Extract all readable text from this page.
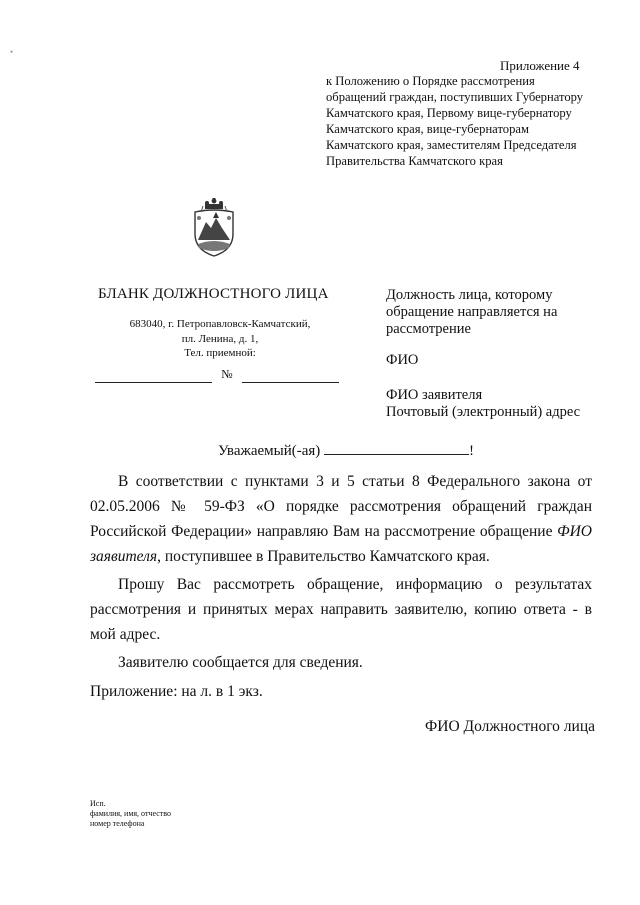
•
Приложение 4
к Положению о Порядке рассмотрения
обращений граждан, поступивших Губернатору
Камчатского края, Первому вице-губернатору
Камчатского края, вице-губернаторам
Камчатского края, заместителям Председателя
Правительства Камчатского края
БЛАНК ДОЛЖНОСТНОГО ЛИЦА
683040, г. Петропавловск-Камчатский,
пл. Ленина, д. 1,
Тел. приемной:
№
Должность лица, которому обращение направляется на рассмотрение
ФИО
ФИО заявителя
Почтовый (электронный) адрес
Уважаемый(-ая)	!
В соответствии с пунктами 3 и 5 статьи 8 Федерального закона от 02.05.2006 № 59-ФЗ «О порядке рассмотрения обращений граждан Российской Федерации» направляю Вам на рассмотрение обращение ФИО заявителя, поступившее в Правительство Камчатского края.
Прошу Вас рассмотреть обращение, информацию о результатах рассмотрения и принятых мерах направить заявителю, копию ответа - в мой адрес.
Заявителю сообщается для сведения.
Приложение: на л. в 1 экз.
ФИО Должностного лица
Исп.
фамилия, имя, отчество
номер телефона
